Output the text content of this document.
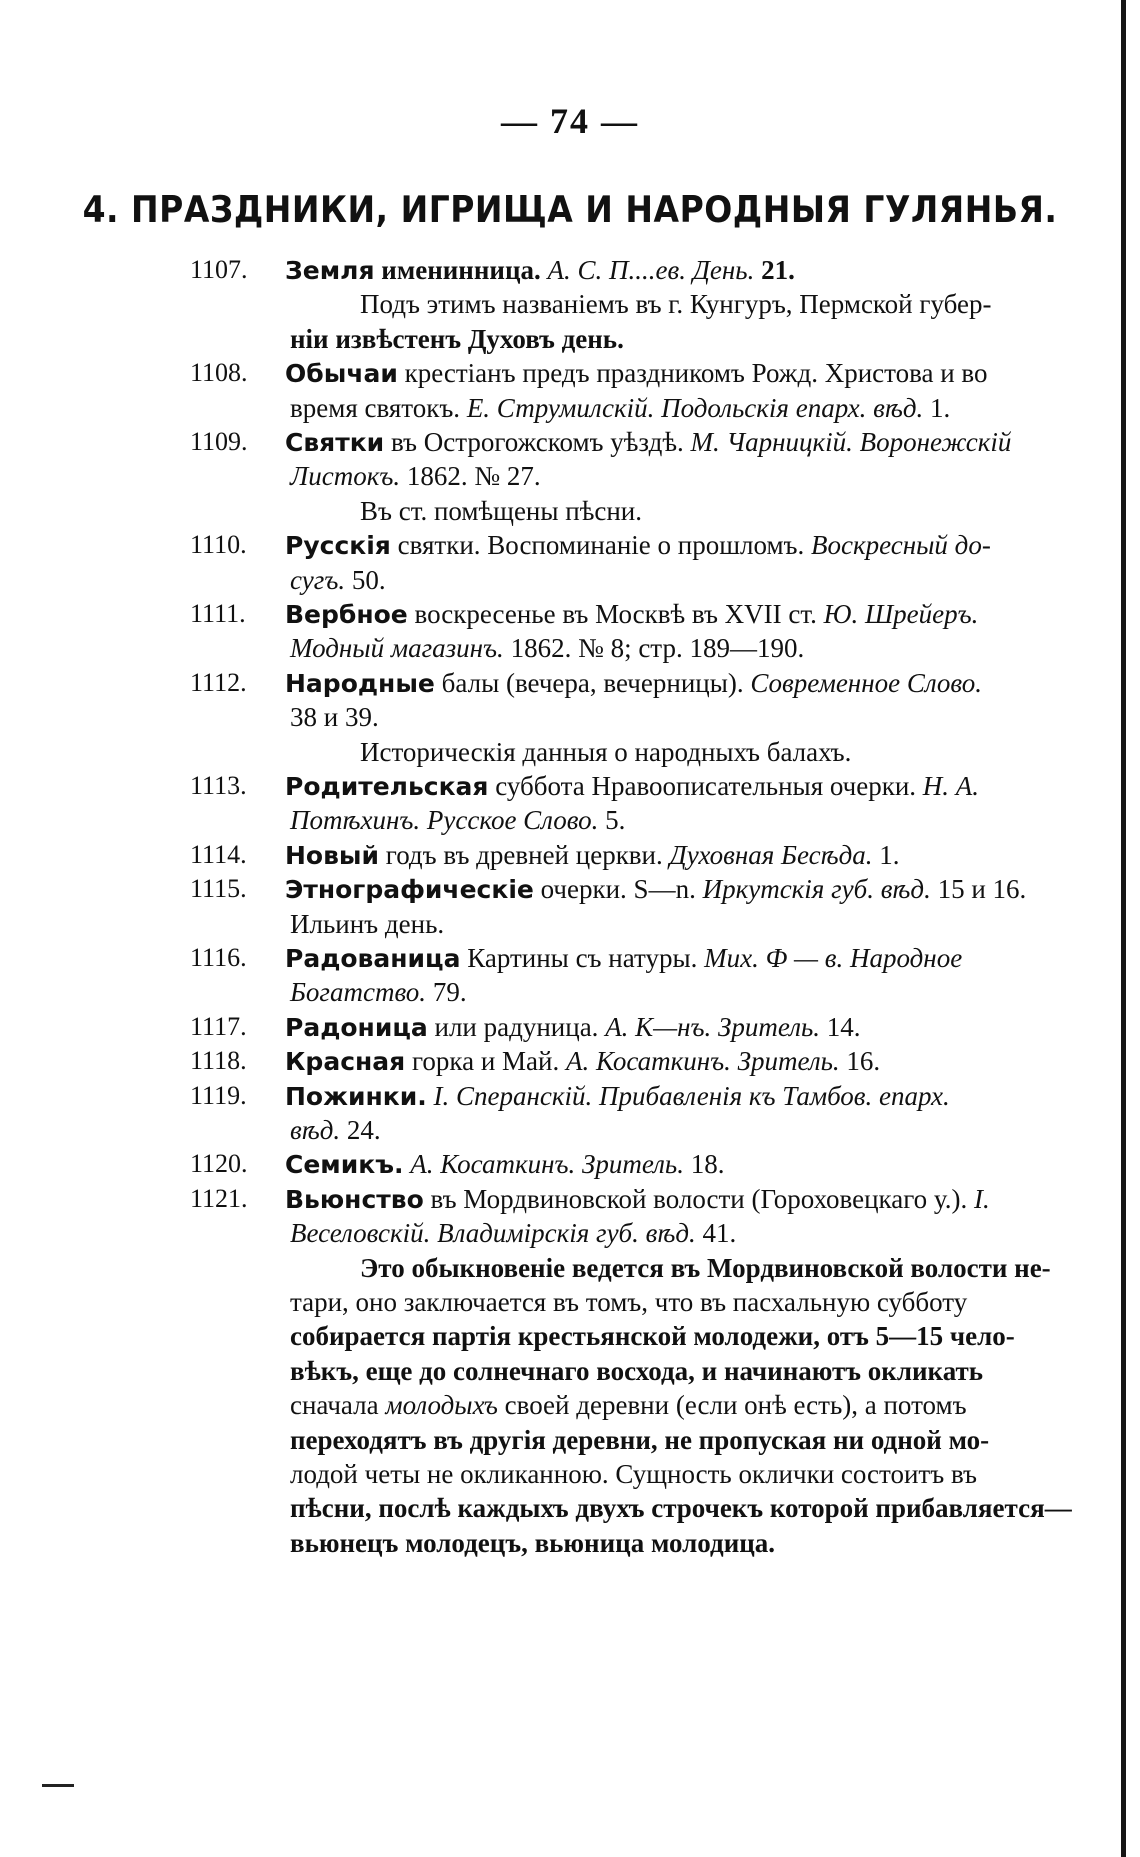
— 74 —
4. ПРАЗДНИКИ, ИГРИЩА И НАРОДНЫЯ ГУЛЯНЬЯ.
1107.	Земля именинница. А. С. П....ев. День. 21.
Подъ этимъ названіемъ въ г. Кунгуръ, Пермской губер-
ніи извѣстенъ Духовъ день.
1108.	Обычаи крестіанъ предъ праздникомъ Рожд. Христова и во
время святокъ. Е. Струмилскій. Подольскія епарх. вѣд. 1.
1109.	Святки въ Острогожскомъ уѣздѣ. М. Чарницкій. Воронежскій
Листокъ. 1862. № 27.
Въ ст. помѣщены пѣсни.
1110.	Русскія святки. Воспоминаніе о прошломъ. Воскресный до-
сугъ. 50.
1111.	Вербное воскресенье въ Москвѣ въ XVII ст. Ю. Шрейеръ.
Модный магазинъ. 1862. № 8; стр. 189—190.
1112.	Народные балы (вечера, вечерницы). Современное Слово.
38 и 39.
Историческія данныя о народныхъ балахъ.
1113.	Родительская суббота Нравоописательныя очерки. Н. А.
Потѣхинъ. Русское Слово. 5.
1114.	Новый годъ въ древней церкви. Духовная Бесѣда. 1.
1115.	Этнографическіе очерки. S—n. Иркутскія губ. вѣд. 15 и 16.
Ильинъ день.
1116.	Радованица Картины съ натуры. Мих. Ф — в. Народное
Богатство. 79.
1117.	Радоница или радуница. А. К—нъ. Зритель. 14.
1118.	Красная горка и Май. А. Косаткинъ. Зритель. 16.
1119.	Пожинки. I. Сперанскій. Прибавленія къ Тамбов. епарх.
вѣд. 24.
1120.	Семикъ. А. Косаткинъ. Зритель. 18.
1121.	Вьюнство въ Мордвиновской волости (Гороховецкаго у.). I.
Веселовскій. Владимірскія губ. вѣд. 41.
Это обыкновеніе ведется въ Мордвиновской волости не-
тари, оно заключается въ томъ, что въ пасхальную субботу
собирается партія крестьянской молодежи, отъ 5—15 чело-
вѣкъ, еще до солнечнаго восхода, и начинаютъ окликать
сначала молодыхъ своей деревни (если онѣ есть), а потомъ
переходятъ въ другія деревни, не пропуская ни одной мо-
лодой четы не окликанною. Сущность оклички состоитъ въ
пѣсни, послѣ каждыхъ двухъ строчекъ которой прибавляется—
вьюнецъ молодецъ, вьюница молодица.
